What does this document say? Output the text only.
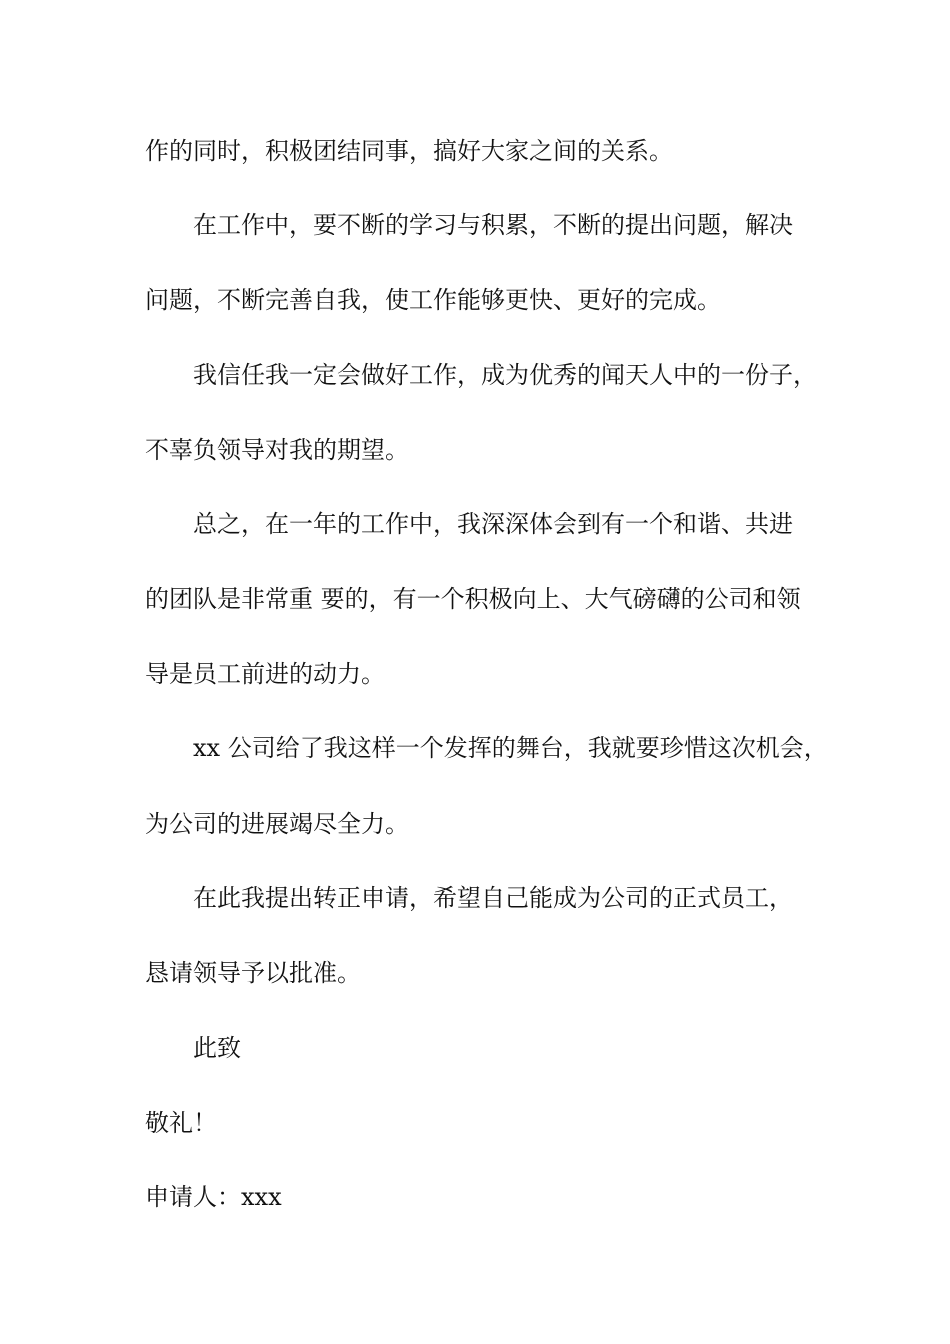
作的同时，积极团结同事，搞好大家之间的关系。
在工作中，要不断的学习与积累，不断的提出问题，解决
问题，不断完善自我，使工作能够更快、更好的完成。
我信任我一定会做好工作，成为优秀的闻天人中的一份子，
不辜负领导对我的期望。
总之，在一年的工作中，我深深体会到有一个和谐、共进
的团队是非常重 要的，有一个积极向上、大气磅礴的公司和领
导是员工前进的动力。
xx 公司给了我这样一个发挥的舞台，我就要珍惜这次机会，
为公司的进展竭尽全力。
在此我提出转正申请，希望自己能成为公司的正式员工，
恳请领导予以批准。
此致
敬礼！
申请人：xxx
